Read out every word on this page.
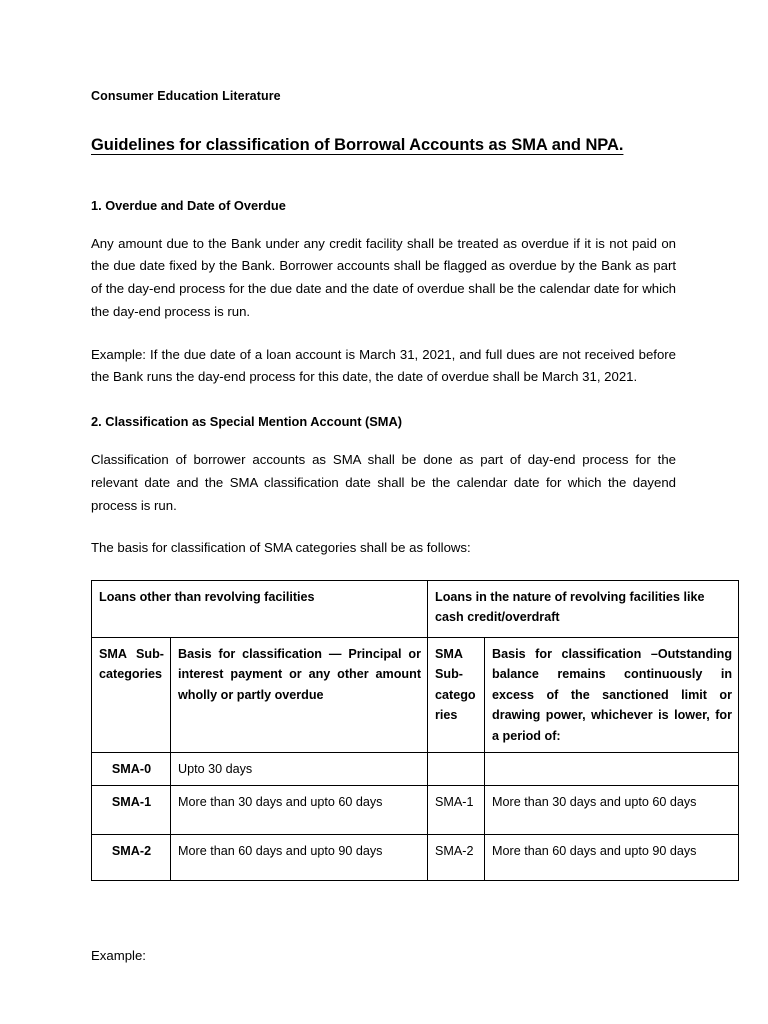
Consumer Education Literature
Guidelines for classification of Borrowal Accounts as SMA and NPA.
1. Overdue and Date of Overdue

Any amount due to the Bank under any credit facility shall be treated as overdue if it is not paid on the due date fixed by the Bank. Borrower accounts shall be flagged as overdue by the Bank as part of the day-end process for the due date and the date of overdue shall be the calendar date for which the day-end process is run.

Example: If the due date of a loan account is March 31, 2021, and full dues are not received before the Bank runs the day-end process for this date, the date of overdue shall be March 31, 2021.

2. Classification as Special Mention Account (SMA)

Classification of borrower accounts as SMA shall be done as part of day-end process for the relevant date and the SMA classification date shall be the calendar date for which the dayend process is run.

The basis for classification of SMA categories shall be as follows:

Loans other than revolving facilities		Loans in the nature of revolving facilities like cash credit/overdraft	
SMA Sub-categories	Basis for classification — Principal or interest payment or any other amount wholly or partly overdue	SMA Sub-catego ries	Basis for classification –Outstanding balance remains continuously in excess of the sanctioned limit or drawing power, whichever is lower, for a period of:
SMA-0	Upto 30 days		
SMA-1	More than 30 days and upto 60 days	SMA-1	More than 30 days and upto 60 days
SMA-2	More than 60 days and upto 90 days	SMA-2	More than 60 days and upto 90 days

Example:
